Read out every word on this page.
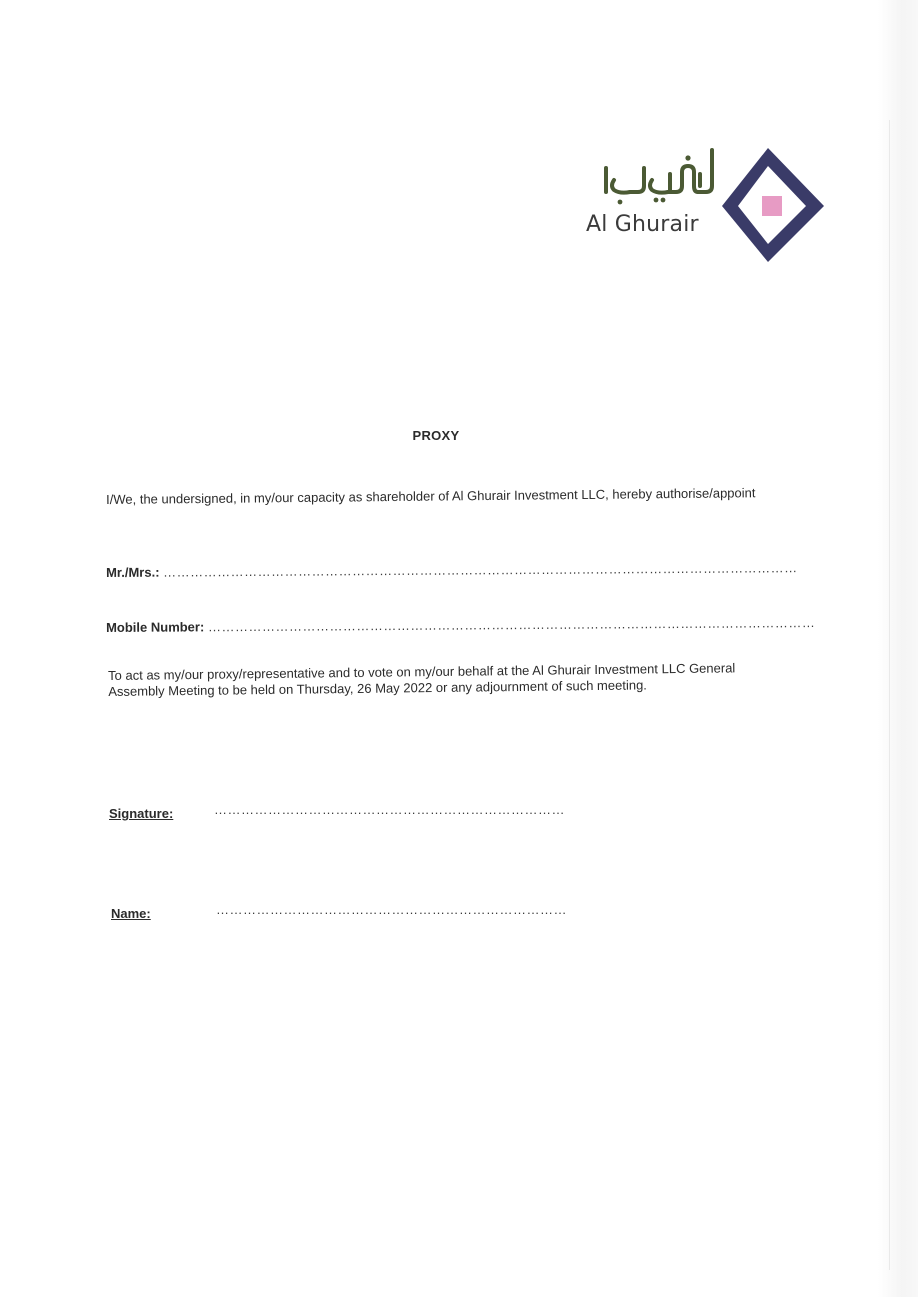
Al Ghurair
PROXY
I/We, the undersigned, in my/our capacity as shareholder of Al Ghurair Investment LLC, hereby authorise/appoint
Mr./Mrs.: ……………………………………………………………………………………………………………………………
Mobile Number: ………………………………………………………………………………………………………………………
To act as my/our proxy/representative and to vote on my/our behalf at the Al Ghurair Investment LLC General Assembly Meeting to be held on Thursday, 26 May 2022 or any adjournment of such meeting.
Signature:	……………………………………………………………………
Name:	……………………………………………………………………
